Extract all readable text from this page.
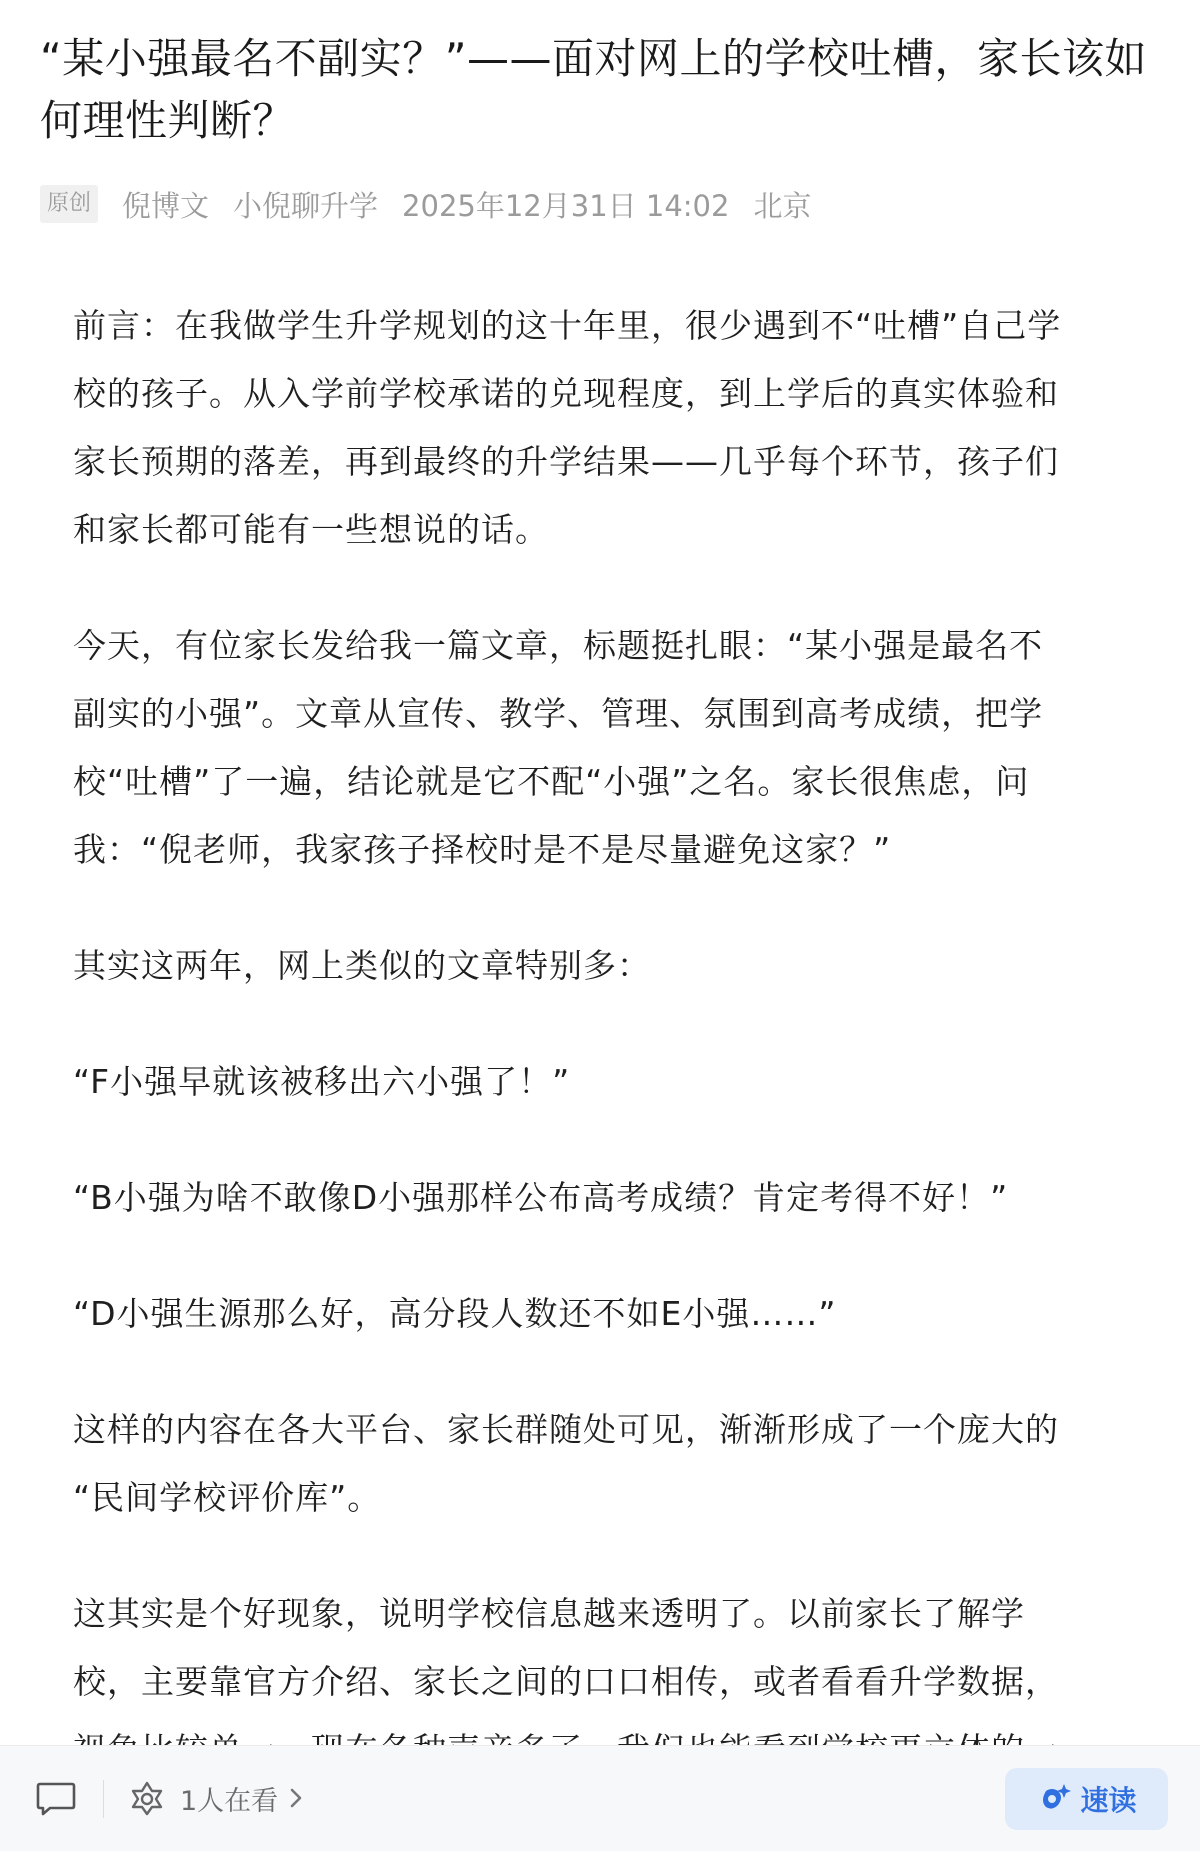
“某小强最名不副实？”——面对网上的学校吐槽，家长该如何理性判断？
原创 倪博文 小倪聊升学 2025年12月31日 14:02 北京

前言：在我做学生升学规划的这十年里，很少遇到不“吐槽”自己学
校的孩子。从入学前学校承诺的兑现程度，到上学后的真实体验和
家长预期的落差，再到最终的升学结果——几乎每个环节，孩子们
和家长都可能有一些想说的话。

今天，有位家长发给我一篇文章，标题挺扎眼：“某小强是最名不
副实的小强”。文章从宣传、教学、管理、氛围到高考成绩，把学
校“吐槽”了一遍，结论就是它不配“小强”之名。家长很焦虑，问
我：“倪老师，我家孩子择校时是不是尽量避免这家？”

其实这两年，网上类似的文章特别多：

“F小强早就该被移出六小强了！”

“B小强为啥不敢像D小强那样公布高考成绩？肯定考得不好！”

“D小强生源那么好，高分段人数还不如E小强……”

这样的内容在各大平台、家长群随处可见，渐渐形成了一个庞大的
“民间学校评价库”。

这其实是个好现象，说明学校信息越来透明了。以前家长了解学
校，主要靠官方介绍、家长之间的口口相传，或者看看升学数据，

1人在看	速读
